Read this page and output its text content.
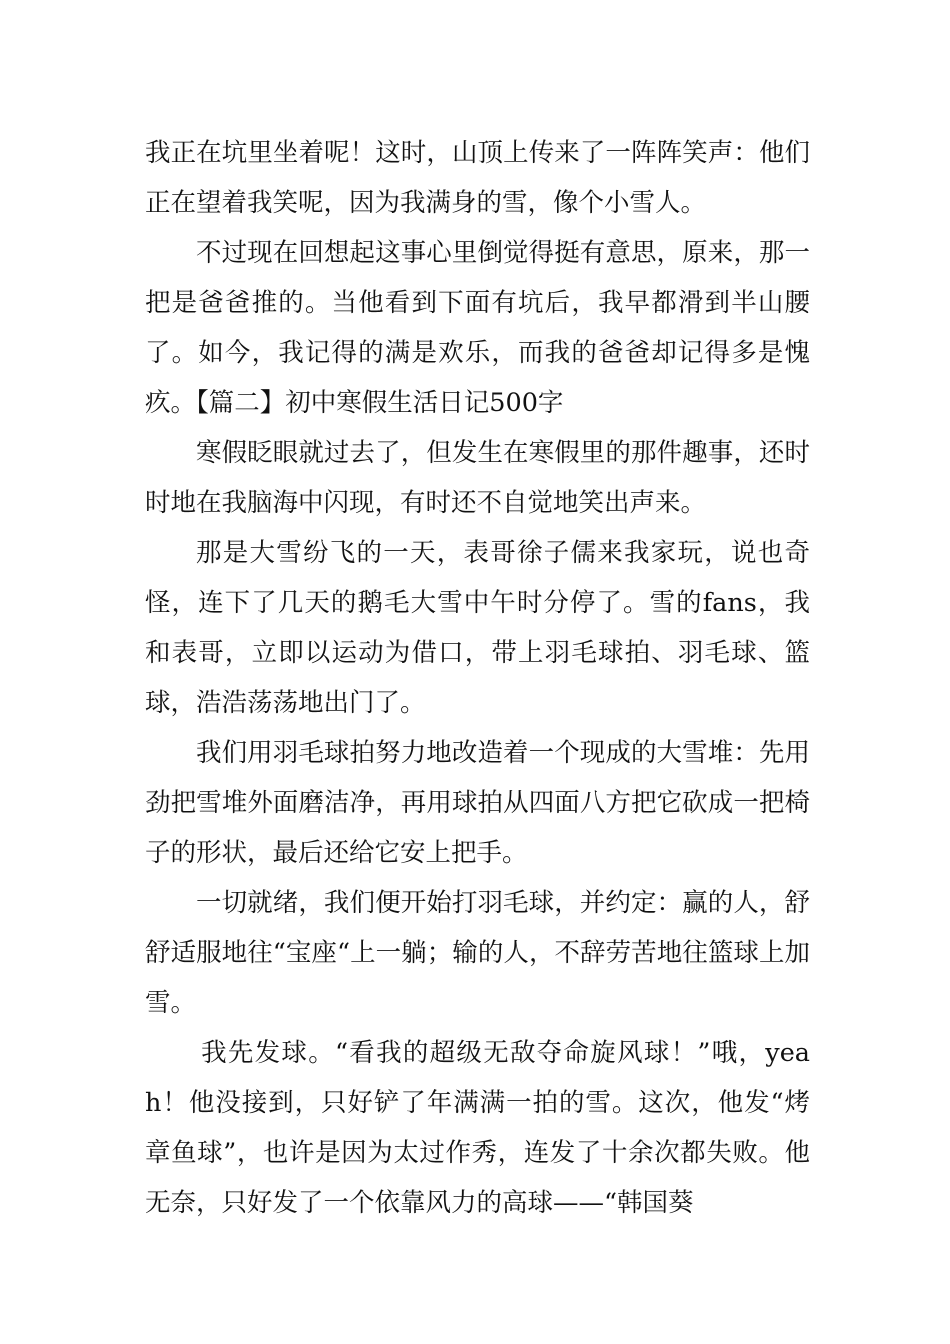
我正在坑里坐着呢！这时，山顶上传来了一阵阵笑声：他们正在望着我笑呢，因为我满身的雪，像个小雪人。

不过现在回想起这事心里倒觉得挺有意思，原来，那一把是爸爸推的。当他看到下面有坑后，我早都滑到半山腰了。如今，我记得的满是欢乐，而我的爸爸却记得多是愧疚。【篇二】初中寒假生活日记500字

寒假眨眼就过去了，但发生在寒假里的那件趣事，还时时地在我脑海中闪现，有时还不自觉地笑出声来。

那是大雪纷飞的一天，表哥徐子儒来我家玩，说也奇怪，连下了几天的鹅毛大雪中午时分停了。雪的fans，我和表哥，立即以运动为借口，带上羽毛球拍、羽毛球、篮球，浩浩荡荡地出门了。

我们用羽毛球拍努力地改造着一个现成的大雪堆：先用劲把雪堆外面磨洁净，再用球拍从四面八方把它砍成一把椅子的形状，最后还给它安上把手。

一切就绪，我们便开始打羽毛球，并约定：赢的人，舒舒适服地往“宝座“上一躺；输的人，不辞劳苦地往篮球上加雪。

我先发球。“看我的超级无敌夺命旋风球！”哦，yeah！他没接到，只好铲了年满满一拍的雪。这次，他发“烤章鱼球”，也许是因为太过作秀，连发了十余次都失败。他无奈，只好发了一个依靠风力的高球——“韩国葵
